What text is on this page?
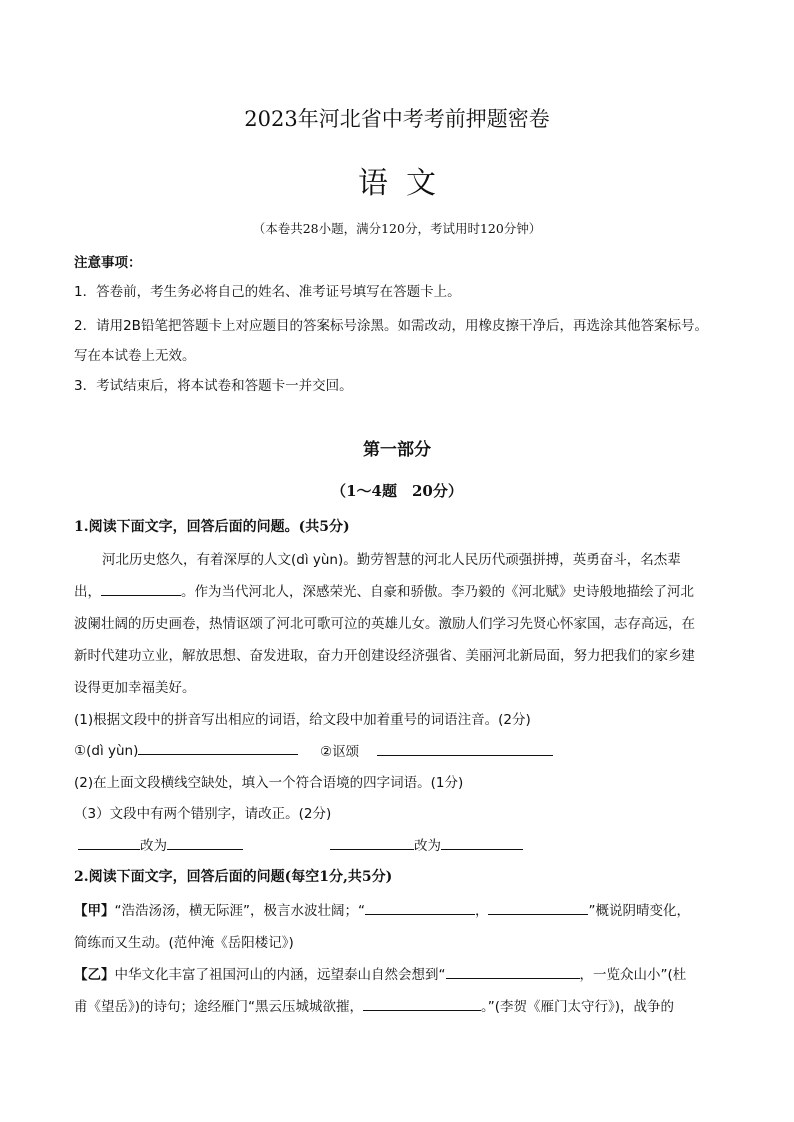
2023年河北省中考考前押题密卷
语文
（本卷共28小题，满分120分，考试用时120分钟）
注意事项：
1．答卷前，考生务必将自己的姓名、准考证号填写在答题卡上。
2．请用2B铅笔把答题卡上对应题目的答案标号涂黑。如需改动，用橡皮擦干净后，再选涂其他答案标号。
写在本试卷上无效。
3．考试结束后，将本试卷和答题卡一并交回。
第一部分
（1～4题　20分）
1.阅读下面文字，回答后面的问题。(共5分)
河北历史悠久，有着深厚的人文(dì yùn)。勤劳智慧的河北人民历代顽强拼搏，英勇奋斗，名杰辈
出，	。作为当代河北人，深感荣光、自豪和骄傲。李乃毅的《河北赋》史诗般地描绘了河北
波阑壮阔的历史画卷，热情讴颂了河北可歌可泣的英雄儿女。激励人们学习先贤心怀家国，志存高远，在
新时代建功立业，解放思想、奋发进取，奋力开创建设经济强省、美丽河北新局面，努力把我们的家乡建
设得更加幸福美好。
(1)根据文段中的拼音写出相应的词语，给文段中加着重号的词语注音。(2分)
①(dì yùn)	②讴颂
(2)在上面文段横线空缺处，填入一个符合语境的四字词语。(1分)
（3）文段中有两个错别字，请改正。(2分)
改为	改为
2.阅读下面文字，回答后面的问题(每空1分,共5分)
【甲】“浩浩汤汤，横无际涯”，极言水波壮阔；“	，	”概说阴晴变化，
简练而又生动。(范仲淹《岳阳楼记》)
【乙】中华文化丰富了祖国河山的内涵，远望泰山自然会想到“	，一览众山小”(杜
甫《望岳》)的诗句；途经雁门“黑云压城城欲摧，	。”(李贺《雁门太守行》)，战争的
